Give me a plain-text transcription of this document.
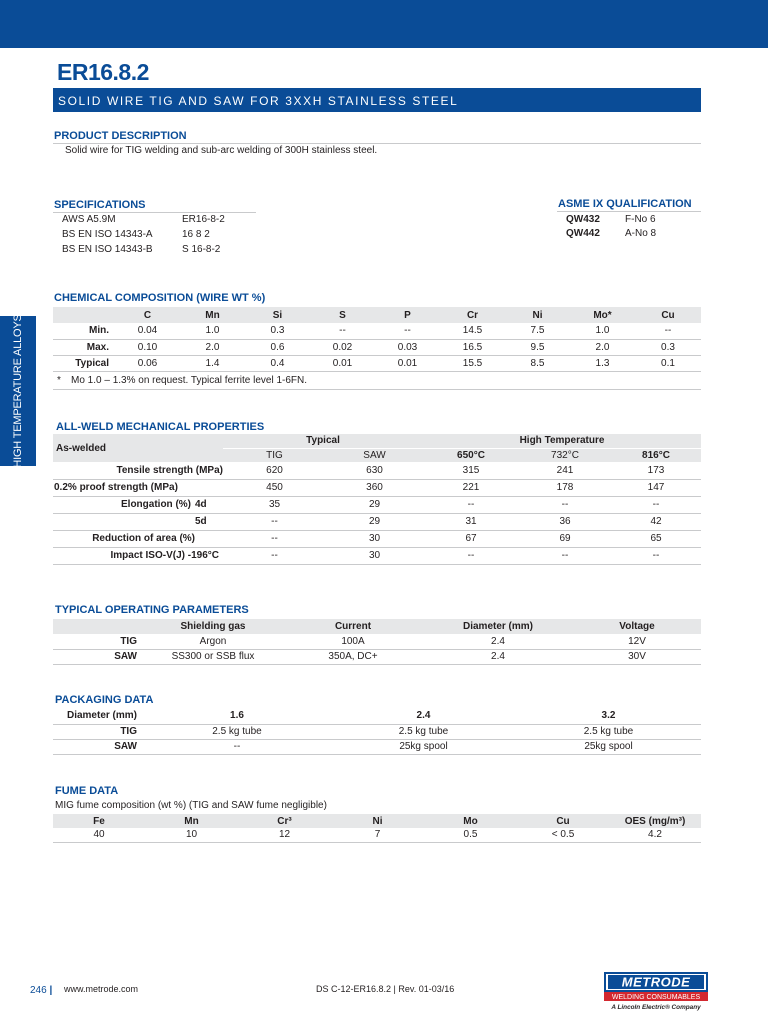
HIGH TEMPERATURE ALLOYS
ER16.8.2
SOLID WIRE TIG AND SAW FOR 3XXH STAINLESS STEEL
PRODUCT DESCRIPTION
Solid wire for TIG welding and sub-arc welding of 300H stainless steel.
SPECIFICATIONS
AWS A5.9M	ER16-8-2
BS EN ISO 14343-A	16 8 2
BS EN ISO 14343-B	S 16-8-2
ASME IX QUALIFICATION
QW432	F-No 6
QW442	A-No 8
CHEMICAL COMPOSITION (WIRE WT %)
	C	Mn	Si	S	P	Cr	Ni	Mo*	Cu
Min.	0.04	1.0	0.3	--	--	14.5	7.5	1.0	--
Max.	0.10	2.0	0.6	0.02	0.03	16.5	9.5	2.0	0.3
Typical	0.06	1.4	0.4	0.01	0.01	15.5	8.5	1.3	0.1
* Mo 1.0 – 1.3% on request. Typical ferrite level 1-6FN.
ALL-WELD MECHANICAL PROPERTIES
As-welded		Typical		High Temperature		
		TIG	SAW	650°C	732°C	816°C
Tensile strength (MPa)		620	630	315	241	173
0.2% proof strength (MPa)		450	360	221	178	147
Elongation (%)	4d	35	29	--	--	--
	5d	--	29	31	36	42
Reduction of area (%)		--	30	67	69	65
Impact ISO-V(J) -196°C		--	30	--	--	--
TYPICAL OPERATING PARAMETERS
	Shielding gas	Current	Diameter (mm)	Voltage
TIG	Argon	100A	2.4	12V
SAW	SS300 or SSB flux	350A, DC+	2.4	30V
PACKAGING DATA
Diameter (mm)	1.6	2.4	3.2
TIG	2.5 kg tube	2.5 kg tube	2.5 kg tube
SAW	--	25kg spool	25kg spool
FUME DATA
MIG fume composition (wt %) (TIG and SAW fume negligible)
Fe	Mn	Cr³	Ni	Mo	Cu	OES (mg/m³)
40	10	12	7	0.5	< 0.5	4.2
246 | www.metrode.com	DS C-12-ER16.8.2 | Rev. 01-03/16	METRODE
WELDING CONSUMABLES
A Lincoln Electric® Company
